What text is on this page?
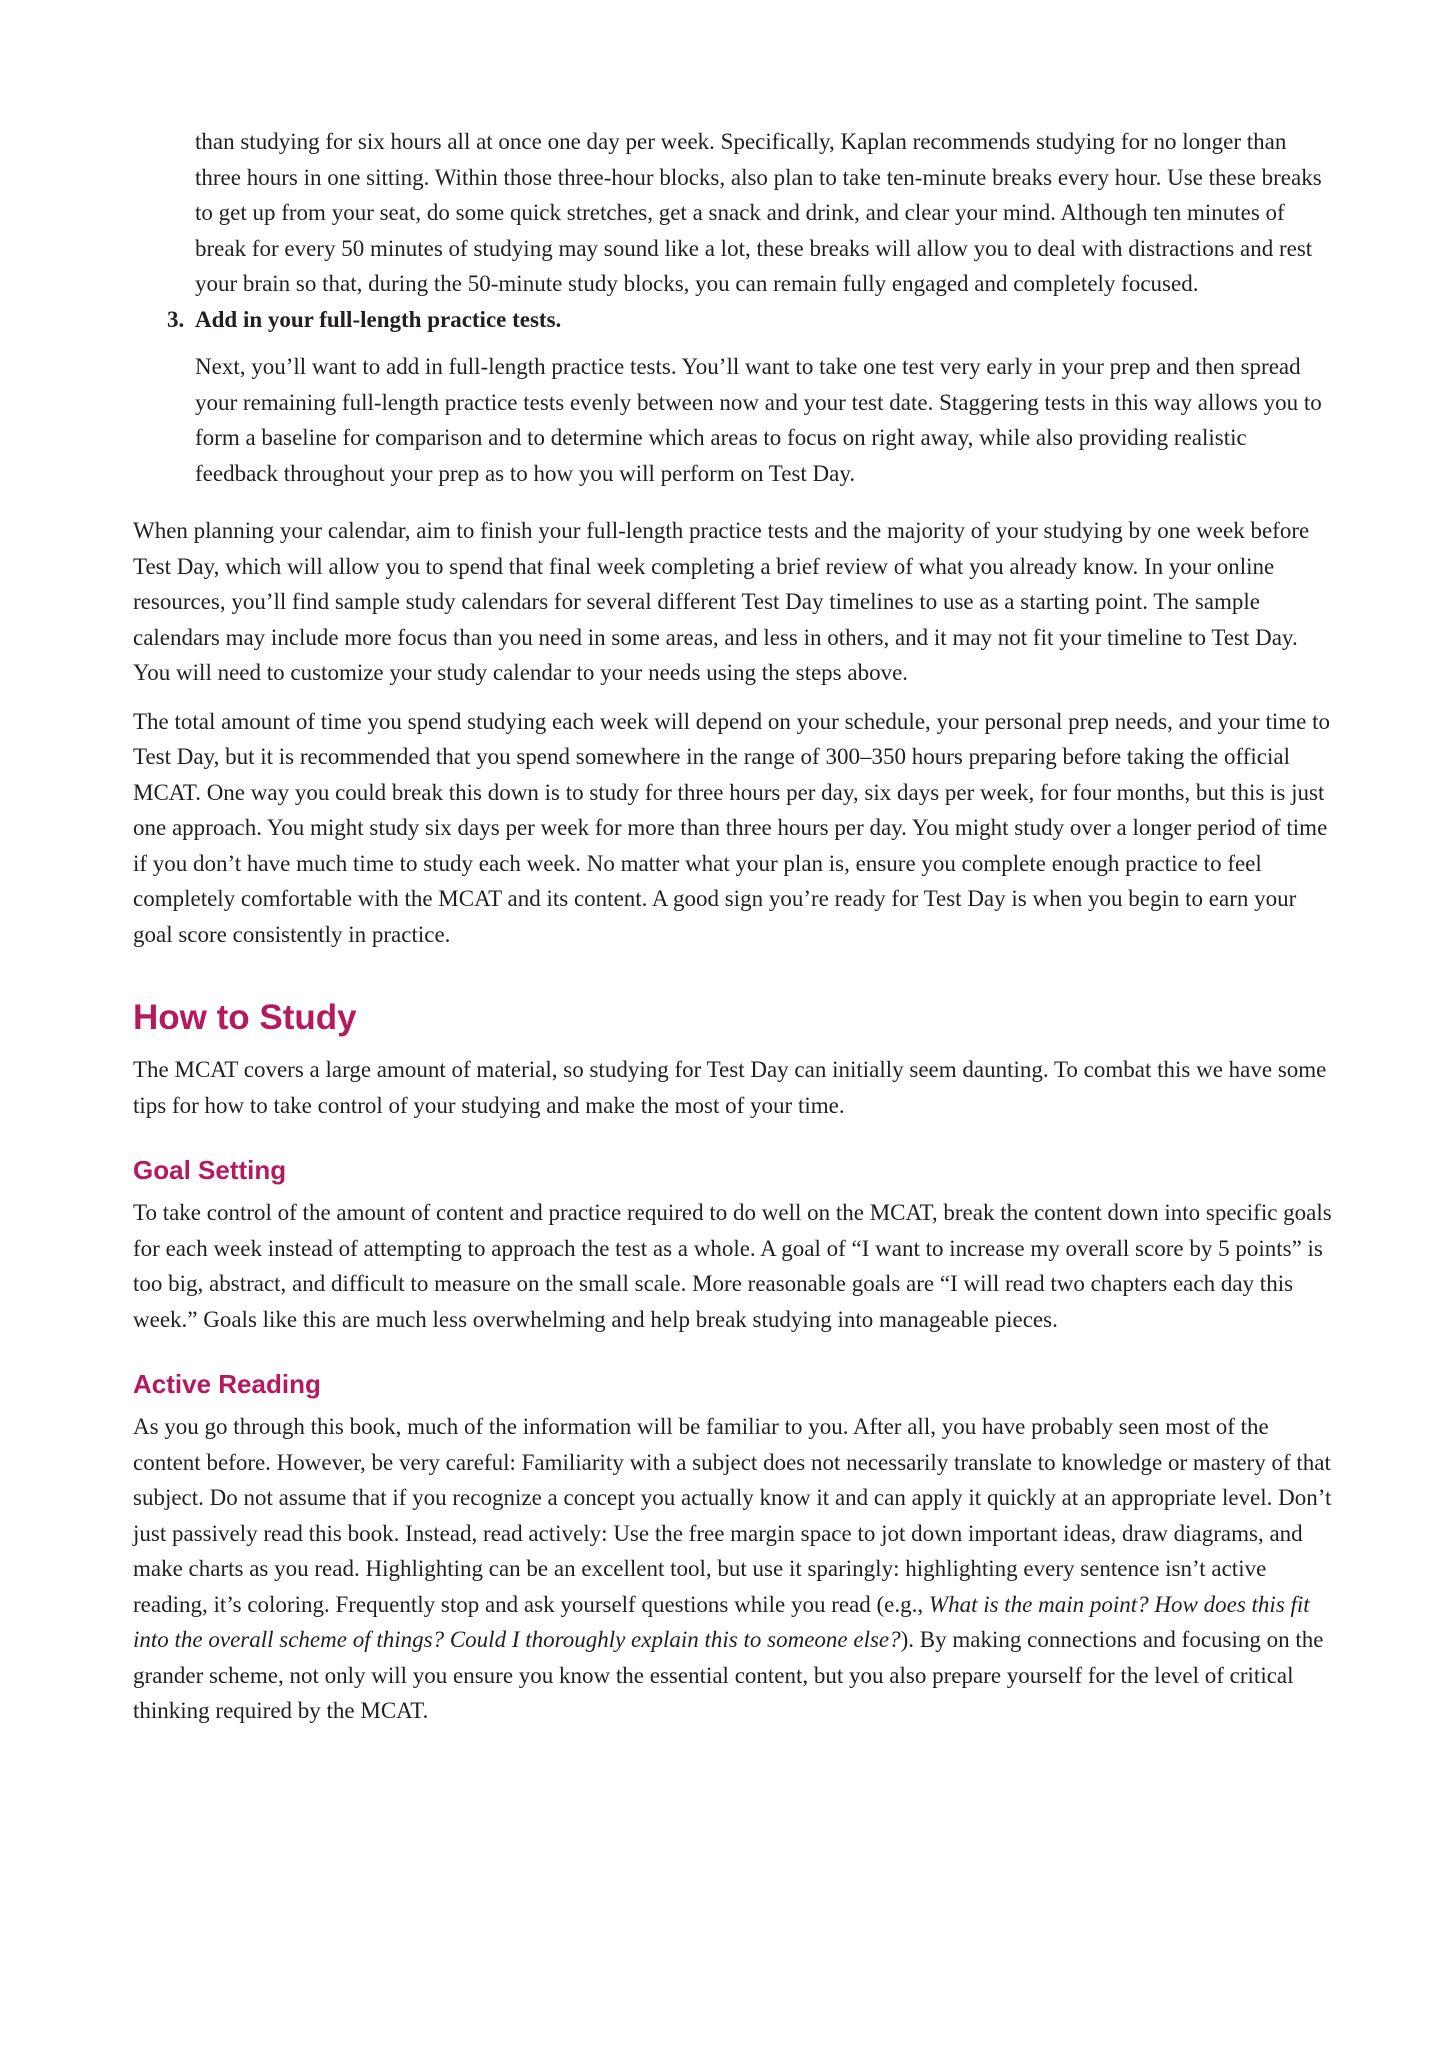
than studying for six hours all at once one day per week. Specifically, Kaplan recommends studying for no longer than three hours in one sitting. Within those three-hour blocks, also plan to take ten-minute breaks every hour. Use these breaks to get up from your seat, do some quick stretches, get a snack and drink, and clear your mind. Although ten minutes of break for every 50 minutes of studying may sound like a lot, these breaks will allow you to deal with distractions and rest your brain so that, during the 50-minute study blocks, you can remain fully engaged and completely focused.

3. Add in your full-length practice tests.

Next, you’ll want to add in full-length practice tests. You’ll want to take one test very early in your prep and then spread your remaining full-length practice tests evenly between now and your test date. Staggering tests in this way allows you to form a baseline for comparison and to determine which areas to focus on right away, while also providing realistic feedback throughout your prep as to how you will perform on Test Day.

When planning your calendar, aim to finish your full-length practice tests and the majority of your studying by one week before Test Day, which will allow you to spend that final week completing a brief review of what you already know. In your online resources, you’ll find sample study calendars for several different Test Day timelines to use as a starting point. The sample calendars may include more focus than you need in some areas, and less in others, and it may not fit your timeline to Test Day. You will need to customize your study calendar to your needs using the steps above.

The total amount of time you spend studying each week will depend on your schedule, your personal prep needs, and your time to Test Day, but it is recommended that you spend somewhere in the range of 300–350 hours preparing before taking the official MCAT. One way you could break this down is to study for three hours per day, six days per week, for four months, but this is just one approach. You might study six days per week for more than three hours per day. You might study over a longer period of time if you don’t have much time to study each week. No matter what your plan is, ensure you complete enough practice to feel completely comfortable with the MCAT and its content. A good sign you’re ready for Test Day is when you begin to earn your goal score consistently in practice.

How to Study

The MCAT covers a large amount of material, so studying for Test Day can initially seem daunting. To combat this we have some tips for how to take control of your studying and make the most of your time.

Goal Setting

To take control of the amount of content and practice required to do well on the MCAT, break the content down into specific goals for each week instead of attempting to approach the test as a whole. A goal of “I want to increase my overall score by 5 points” is too big, abstract, and difficult to measure on the small scale. More reasonable goals are “I will read two chapters each day this week.” Goals like this are much less overwhelming and help break studying into manageable pieces.

Active Reading

As you go through this book, much of the information will be familiar to you. After all, you have probably seen most of the content before. However, be very careful: Familiarity with a subject does not necessarily translate to knowledge or mastery of that subject. Do not assume that if you recognize a concept you actually know it and can apply it quickly at an appropriate level. Don’t just passively read this book. Instead, read actively: Use the free margin space to jot down important ideas, draw diagrams, and make charts as you read. Highlighting can be an excellent tool, but use it sparingly: highlighting every sentence isn’t active reading, it’s coloring. Frequently stop and ask yourself questions while you read (e.g., What is the main point? How does this fit into the overall scheme of things? Could I thoroughly explain this to someone else?). By making connections and focusing on the grander scheme, not only will you ensure you know the essential content, but you also prepare yourself for the level of critical thinking required by the MCAT.
